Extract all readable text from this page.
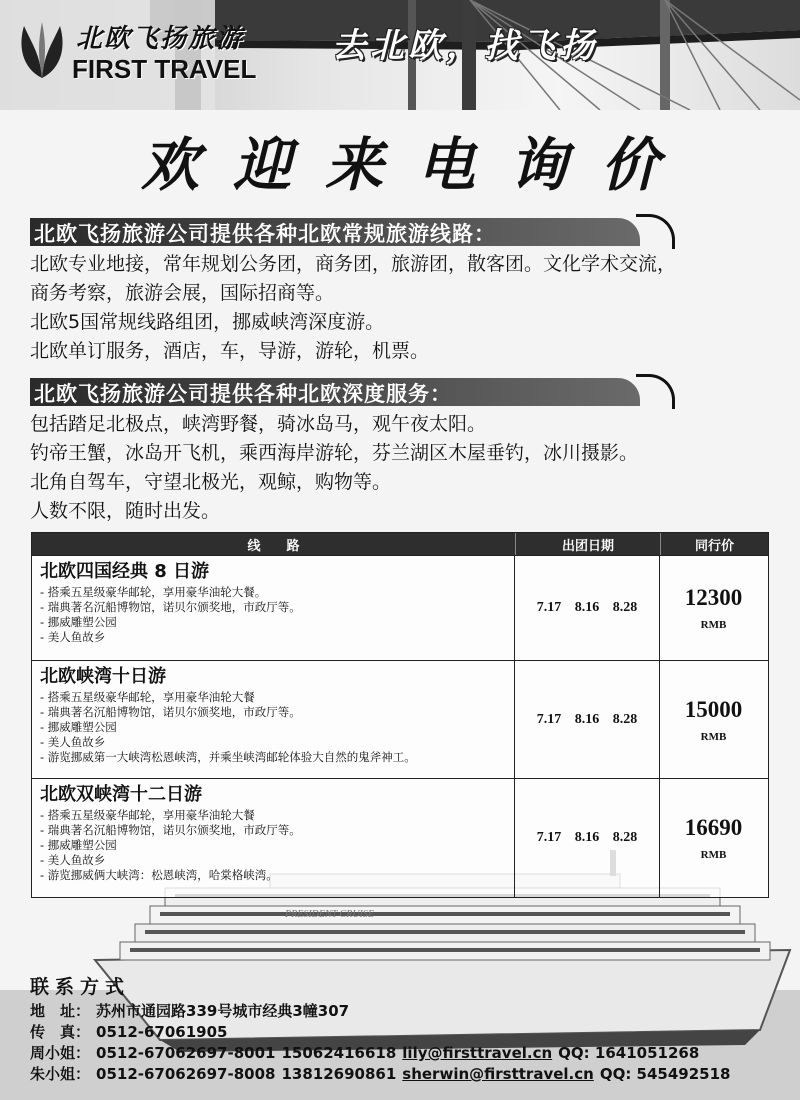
北欧飞扬旅游
FIRST TRAVEL
去北欧，找飞扬
欢迎来电询价
北欧飞扬旅游公司提供各种北欧常规旅游线路：
北欧专业地接，常年规划公务团，商务团，旅游团，散客团。文化学术交流，
商务考察，旅游会展，国际招商等。
北欧5国常规线路组团，挪威峡湾深度游。
北欧单订服务，酒店，车，导游，游轮，机票。
北欧飞扬旅游公司提供各种北欧深度服务：
包括踏足北极点，峡湾野餐，骑冰岛马，观午夜太阳。
钓帝王蟹，冰岛开飞机，乘西海岸游轮，芬兰湖区木屋垂钓，冰川摄影。
北角自驾车，守望北极光，观鲸，购物等。
人数不限，随时出发。
PRESIDENT CRUISE
线　　路	出团日期	同行价
北欧四国经典 8 日游
- 搭乘五星级豪华邮轮，享用豪华油轮大餐。
- 瑞典著名沉船博物馆，诺贝尔颁奖地，市政厅等。
- 挪威雕塑公园
- 美人鱼故乡
7.17 8.16 8.28	12300
RMB
北欧峡湾十日游
- 搭乘五星级豪华邮轮，享用豪华油轮大餐
- 瑞典著名沉船博物馆，诺贝尔颁奖地，市政厅等。
- 挪威雕塑公园
- 美人鱼故乡
- 游览挪威第一大峡湾松恩峡湾，并乘坐峡湾邮轮体验大自然的鬼斧神工。
7.17 8.16 8.28	15000
RMB
北欧双峡湾十二日游
- 搭乘五星级豪华邮轮，享用豪华油轮大餐
- 瑞典著名沉船博物馆，诺贝尔颁奖地，市政厅等。
- 挪威雕塑公园
- 美人鱼故乡
- 游览挪威俩大峡湾：松恩峡湾，哈棠格峡湾。
7.17 8.16 8.28	16690
RMB
联系方式
地　址： 苏州市通园路339号城市经典3幢307
传　真： 0512-67061905
周小姐： 0512-67062697-8001 15062416618 lily@firsttravel.cn QQ: 1641051268
朱小姐： 0512-67062697-8008 13812690861 sherwin@firsttravel.cn QQ: 545492518
